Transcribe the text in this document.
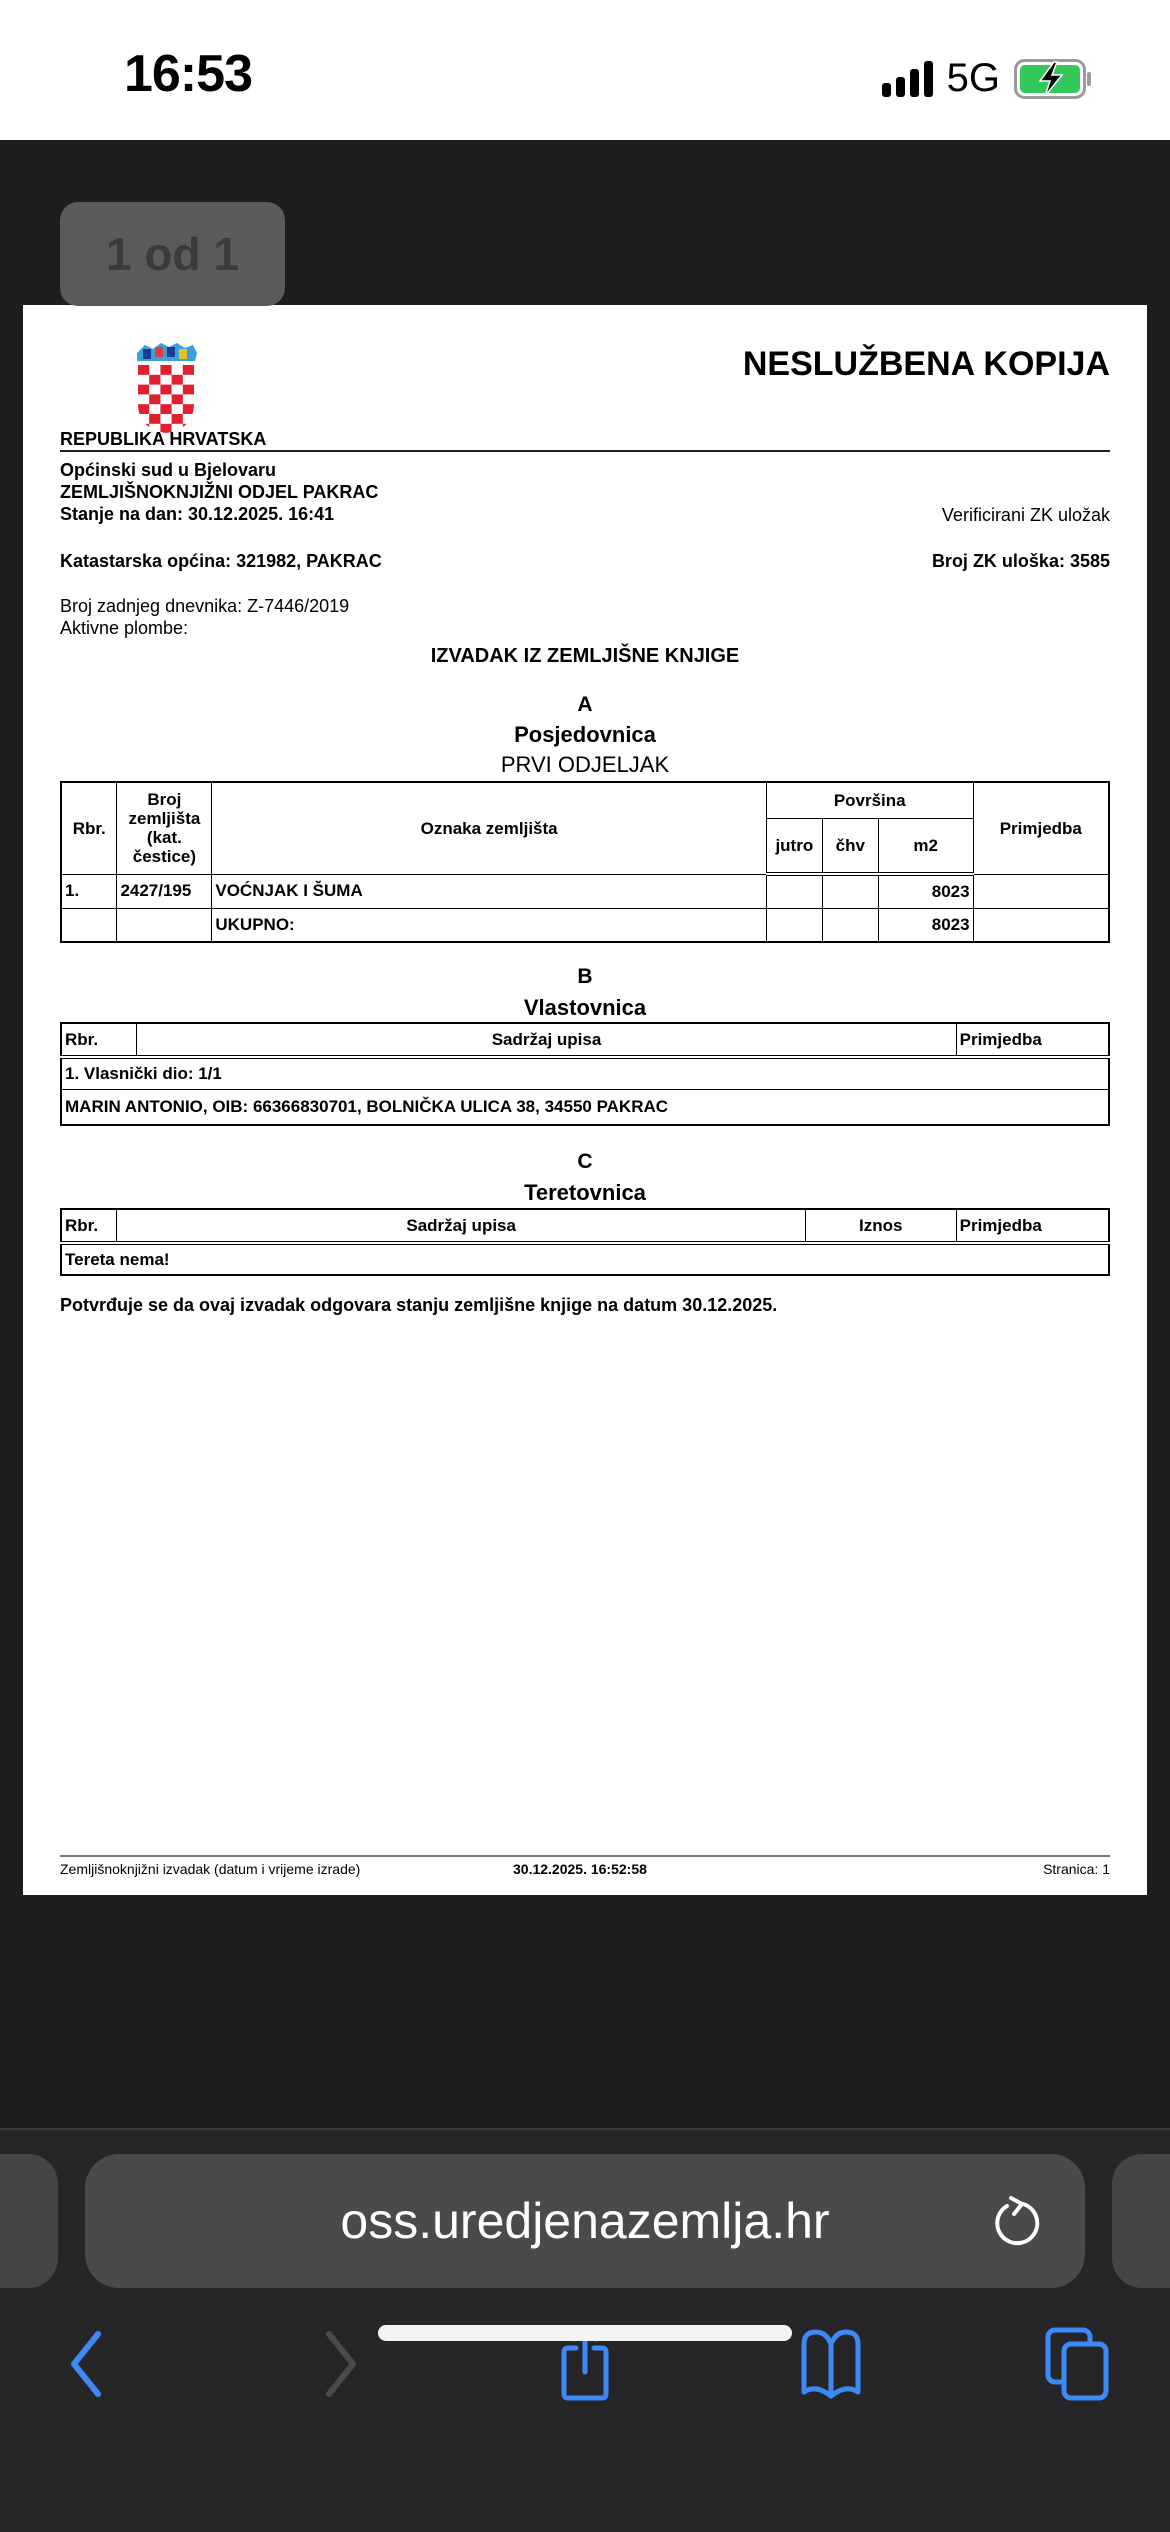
16:53	5G
1 od 1
NESLUŽBENA KOPIJA
REPUBLIKA HRVATSKA
Općinski sud u Bjelovaru
ZEMLJIŠNOKNJIŽNI ODJEL PAKRAC
Stanje na dan: 30.12.2025. 16:41	Verificirani ZK uložak
Katastarska općina: 321982, PAKRAC	Broj ZK uloška: 3585
Broj zadnjeg dnevnika: Z-7446/2019
Aktivne plombe:
IZVADAK IZ ZEMLJIŠNE KNJIGE
A
Posjedovnica
PRVI ODJELJAK
Rbr.	Broj zemljišta (kat. čestice)	Oznaka zemljišta	Površina			Primjedba
			jutro	čhv	m2	
1.	2427/195	VOĆNJAK I ŠUMA			8023	
		UKUPNO:			8023	
B
Vlastovnica
Rbr.	Sadržaj upisa	Primjedba
1. Vlasnički dio: 1/1
MARIN ANTONIO, OIB: 66366830701, BOLNIČKA ULICA 38, 34550 PAKRAC
C
Teretovnica
Rbr.	Sadržaj upisa	Iznos	Primjedba
Tereta nema!
Potvrđuje se da ovaj izvadak odgovara stanju zemljišne knjige na datum 30.12.2025.
Zemljišnoknjižni izvadak (datum i vrijeme izrade)	30.12.2025. 16:52:58	Stranica: 1
oss.uredjenazemlja.hr
